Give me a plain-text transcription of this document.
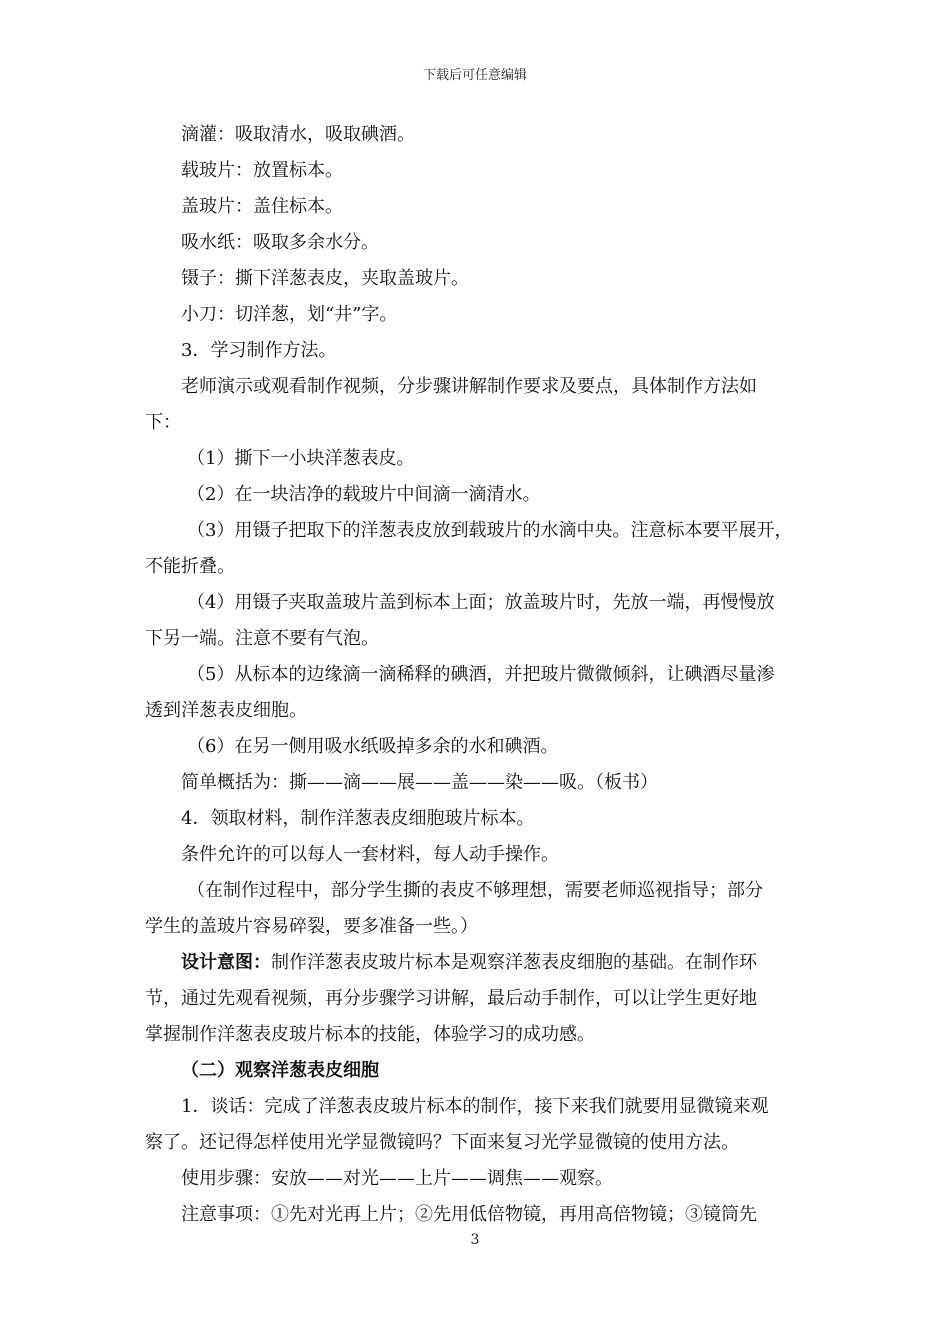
下载后可任意编辑
滴灌：吸取清水，吸取碘酒。
载玻片：放置标本。
盖玻片：盖住标本。
吸水纸：吸取多余水分。
镊子：撕下洋葱表皮，夹取盖玻片。
小刀：切洋葱，划“井”字。
3．学习制作方法。
老师演示或观看制作视频，分步骤讲解制作要求及要点，具体制作方法如
下：
（1）撕下一小块洋葱表皮。
（2）在一块洁净的载玻片中间滴一滴清水。
（3）用镊子把取下的洋葱表皮放到载玻片的水滴中央。注意标本要平展开，
不能折叠。
（4）用镊子夹取盖玻片盖到标本上面；放盖玻片时，先放一端，再慢慢放
下另一端。注意不要有气泡。
（5）从标本的边缘滴一滴稀释的碘酒，并把玻片微微倾斜，让碘酒尽量渗
透到洋葱表皮细胞。
（6）在另一侧用吸水纸吸掉多余的水和碘酒。
简单概括为：撕——滴——展——盖——染——吸。（板书）
4．领取材料，制作洋葱表皮细胞玻片标本。
条件允许的可以每人一套材料，每人动手操作。
（在制作过程中，部分学生撕的表皮不够理想，需要老师巡视指导；部分
学生的盖玻片容易碎裂，要多准备一些。）
设计意图：制作洋葱表皮玻片标本是观察洋葱表皮细胞的基础。在制作环
节，通过先观看视频，再分步骤学习讲解，最后动手制作，可以让学生更好地
掌握制作洋葱表皮玻片标本的技能，体验学习的成功感。
（二）观察洋葱表皮细胞
1．谈话：完成了洋葱表皮玻片标本的制作，接下来我们就要用显微镜来观
察了。还记得怎样使用光学显微镜吗？下面来复习光学显微镜的使用方法。
使用步骤：安放——对光——上片——调焦——观察。
注意事项：①先对光再上片；②先用低倍物镜，再用高倍物镜；③镜筒先
3
